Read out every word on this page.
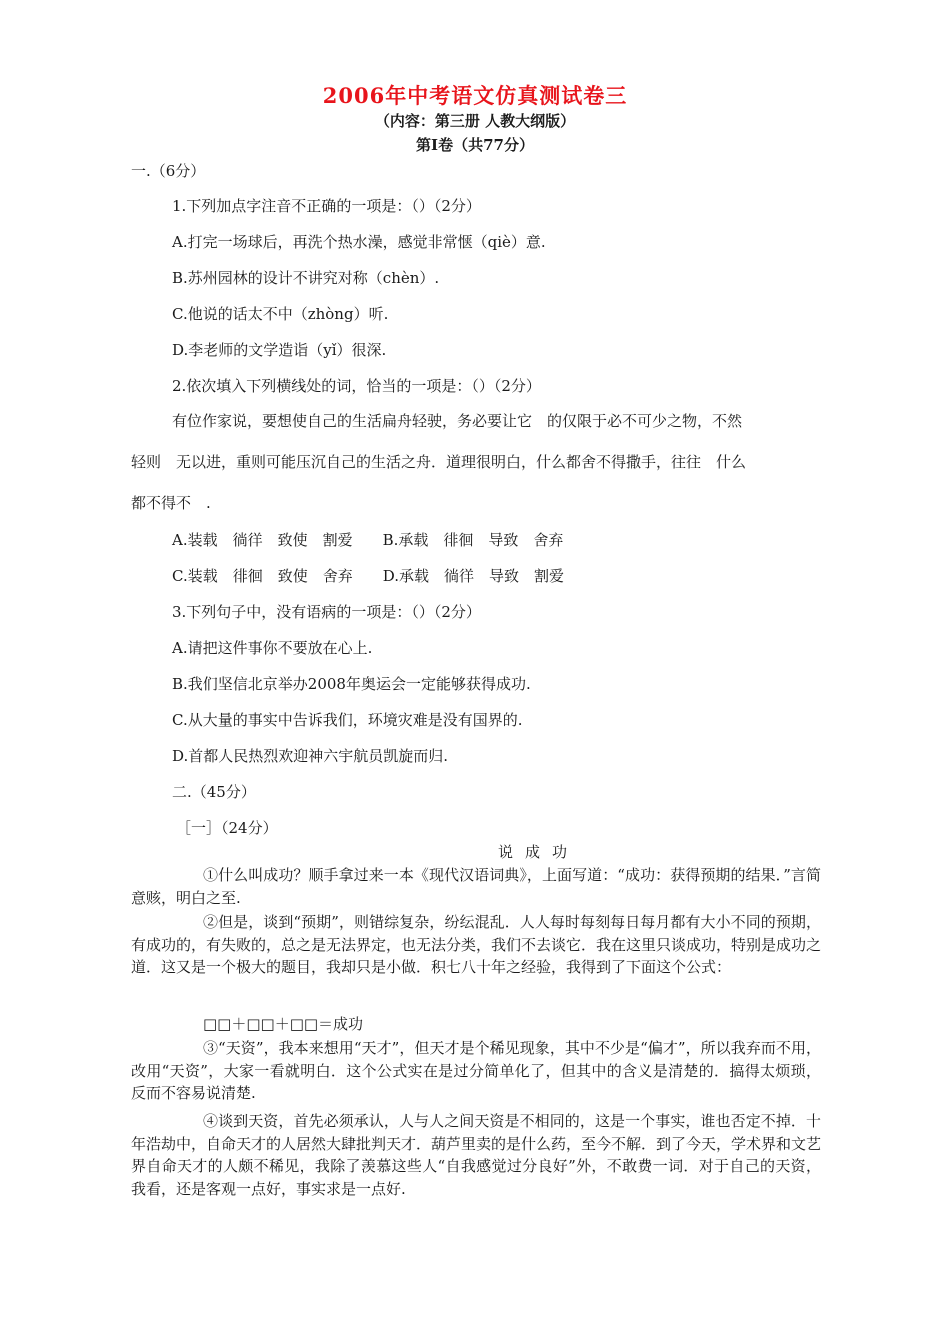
2006年中考语文仿真测试卷三
（内容：第三册 人教大纲版）
第Ⅰ卷（共77分）
一.（6分）
1.下列加点字注音不正确的一项是：（）（2分）
A.打完一场球后，再洗个热水澡，感觉非常惬（qiè）意.
B.苏州园林的设计不讲究对称（chèn）.
C.他说的话太不中（zhòng）听.
D.李老师的文学造诣（yǐ）很深.
2.依次填入下列横线处的词，恰当的一项是：（）（2分）
有位作家说，要想使自己的生活扁舟轻驶，务必要让它　的仅限于必不可少之物，不然
轻则　无以进，重则可能压沉自己的生活之舟．道理很明白，什么都舍不得撒手，往往　什么
都不得不　.
A.装载　徜徉　致使　割爱　　B.承载　徘徊　导致　舍弃
C.装载　徘徊　致使　舍弃　　D.承载　徜徉　导致　割爱
3.下列句子中，没有语病的一项是：（）（2分）
A.请把这件事你不要放在心上.
B.我们坚信北京举办2008年奥运会一定能够获得成功.
C.从大量的事实中告诉我们，环境灾难是没有国界的.
D.首都人民热烈欢迎神六宇航员凯旋而归.
二.（45分）
［一］（24分）
说成功
①什么叫成功？顺手拿过来一本《现代汉语词典》，上面写道：“成功：获得预期的结果．”言简意赅，明白之至.
②但是，谈到“预期”，则错综复杂，纷纭混乱．人人每时每刻每日每月都有大小不同的预期，有成功的，有失败的，总之是无法界定，也无法分类，我们不去谈它．我在这里只谈成功，特别是成功之道．这又是一个极大的题目，我却只是小做．积七八十年之经验，我得到了下面这个公式：
□□＋□□＋□□＝成功
③“天资”，我本来想用“天才”，但天才是个稀见现象，其中不少是“偏才”，所以我弃而不用，改用“天资”，大家一看就明白．这个公式实在是过分简单化了，但其中的含义是清楚的．搞得太烦琐，反而不容易说清楚.
④谈到天资，首先必须承认，人与人之间天资是不相同的，这是一个事实，谁也否定不掉．十年浩劫中，自命天才的人居然大肆批判天才．葫芦里卖的是什么药，至今不解．到了今天，学术界和文艺界自命天才的人颇不稀见，我除了羡慕这些人“自我感觉过分良好”外，不敢费一词．对于自己的天资，我看，还是客观一点好，事实求是一点好.
